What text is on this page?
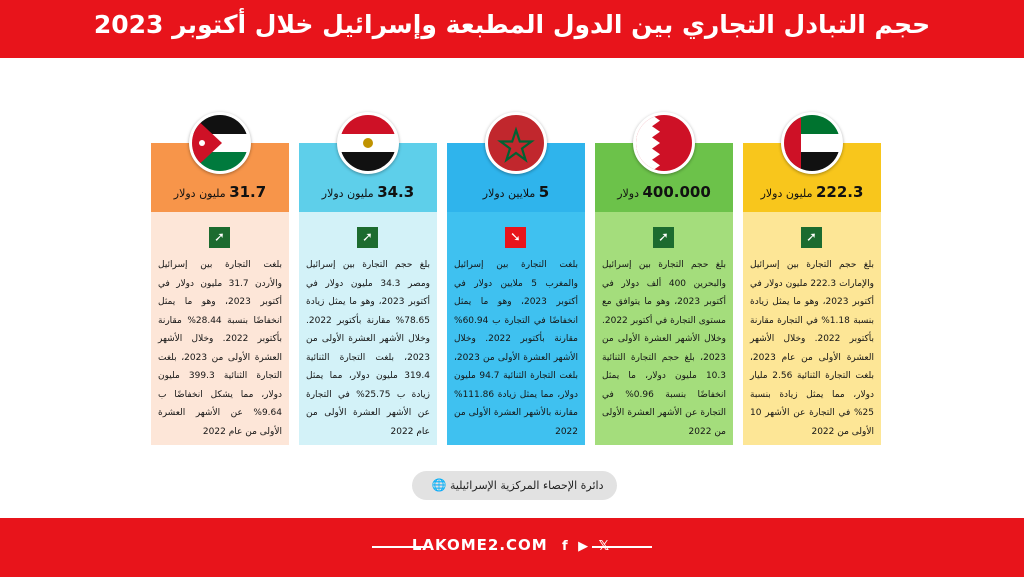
حجم التبادل التجاري بين الدول المطبعة وإسرائيل خلال أكتوبر 2023
31.7 مليون دولار
➚
بلغت التجارة بين إسرائيل والأردن 31.7 مليون دولار في أكتوبر 2023، وهو ما يمثل انخفاضًا بنسبة 28.44% مقارنة بأكتوبر 2022. وخلال الأشهر العشرة الأولى من 2023، بلغت التجارة الثنائية 399.3 مليون دولار، مما يشكل انخفاضًا ب 9.64% عن الأشهر العشرة الأولى من عام 2022
34.3 مليون دولار
➚
بلغ حجم التجارة بين إسرائيل ومصر 34.3 مليون دولار في أكتوبر 2023، وهو ما يمثل زيادة 78.65% مقارنة بأكتوبر 2022. وخلال الأشهر العشرة الأولى من 2023، بلغت التجارة الثنائية 319.4 مليون دولار، مما يمثل زيادة ب 25.75% في التجارة عن الأشهر العشرة الأولى من عام 2022
5 ملايين دولار
➘
بلغت التجارة بين إسرائيل والمغرب 5 ملايين دولار في أكتوبر 2023، وهو ما يمثل انخفاضًا في التجارة ب 60.94% مقارنة بأكتوبر 2022. وخلال الأشهر العشرة الأولى من 2023، بلغت التجارة الثنائية 94.7 مليون دولار، مما يمثل زيادة 111.86% مقارنة بالأشهر العشرة الأولى من 2022
400.000 دولار
➚
بلغ حجم التجارة بين إسرائيل والبحرين 400 ألف دولار في أكتوبر 2023، وهو ما يتوافق مع مستوى التجارة في أكتوبر 2022. وخلال الأشهر العشرة الأولى من 2023، بلغ حجم التجارة الثنائية 10.3 مليون دولار، ما يمثل انخفاضًا بنسبة 0.96% في التجارة عن الأشهر العشرة الأولى من 2022
222.3 مليون دولار
➚
بلغ حجم التجارة بين إسرائيل والإمارات 222.3 مليون دولار في أكتوبر 2023، وهو ما يمثل زيادة بنسبة 1.18% في التجارة مقارنة بأكتوبر 2022. وخلال الأشهر العشرة الأولى من عام 2023، بلغت التجارة الثنائية 2.56 مليار دولار، مما يمثل زيادة بنسبة 25% في التجارة عن الأشهر 10 الأولى من 2022
دائرة الإحصاء المركزية الإسرائيلية 🌐
LAKOME2.COM f ▶ 𝕏
